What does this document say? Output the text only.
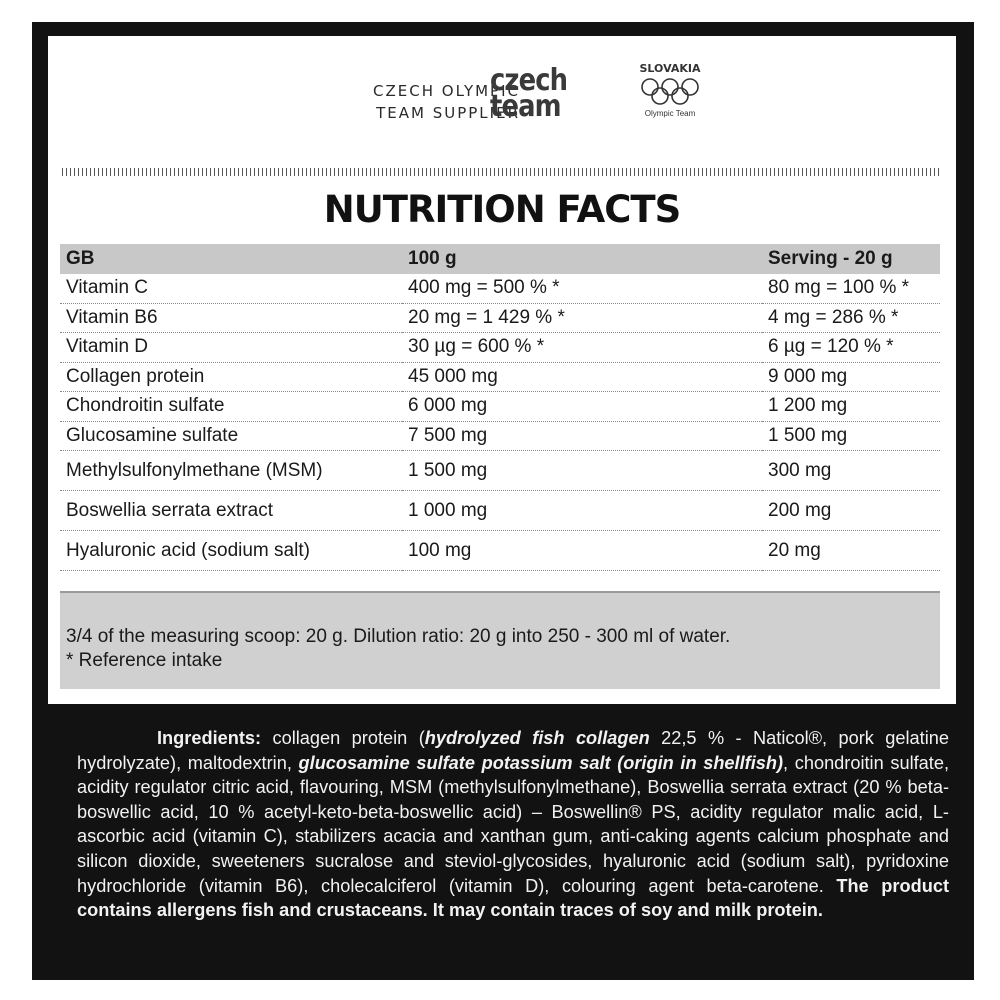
CZECH OLYMPIC
TEAM SUPPLIER
czech
team
SLOVAKIA
Olympic Team
NUTRITION FACTS
GB	100 g	Serving - 20 g
Vitamin C	400 mg = 500 % *	80 mg = 100 % *
Vitamin B6	20 mg = 1 429 % *	4 mg = 286 % *
Vitamin D	30 µg = 600 % *	6 µg = 120 % *
Collagen protein	45 000 mg	9 000 mg
Chondroitin sulfate	6 000 mg	1 200 mg
Glucosamine sulfate	7 500 mg	1 500 mg
Methylsulfonylmethane (MSM)	1 500 mg	300 mg
Boswellia serrata extract	1 000 mg	200 mg
Hyaluronic acid (sodium salt)	100 mg	20 mg
3/4 of the measuring scoop: 20 g. Dilution ratio: 20 g into 250 - 300 ml of water.
* Reference intake
Ingredients: collagen protein (hydrolyzed fish collagen 22,5 % - Naticol®, pork gelatine hydrolyzate), maltodextrin, glucosamine sulfate potassium salt (origin in shellfish), chondroitin sulfate, acidity regulator citric acid, flavouring, MSM (methylsulfonylmethane), Boswellia serrata extract (20 % beta-boswellic acid, 10 % acetyl-keto-beta-boswellic acid) – Boswellin® PS, acidity regulator malic acid, L-ascorbic acid (vitamin C), stabilizers acacia and xanthan gum, anti-caking agents calcium phosphate and silicon dioxide, sweeteners sucralose and steviol-glycosides, hyaluronic acid (sodium salt), pyridoxine hydrochloride (vitamin B6), cholecalciferol (vitamin D), colouring agent beta-carotene. The product contains allergens fish and crustaceans. It may contain traces of soy and milk protein.
